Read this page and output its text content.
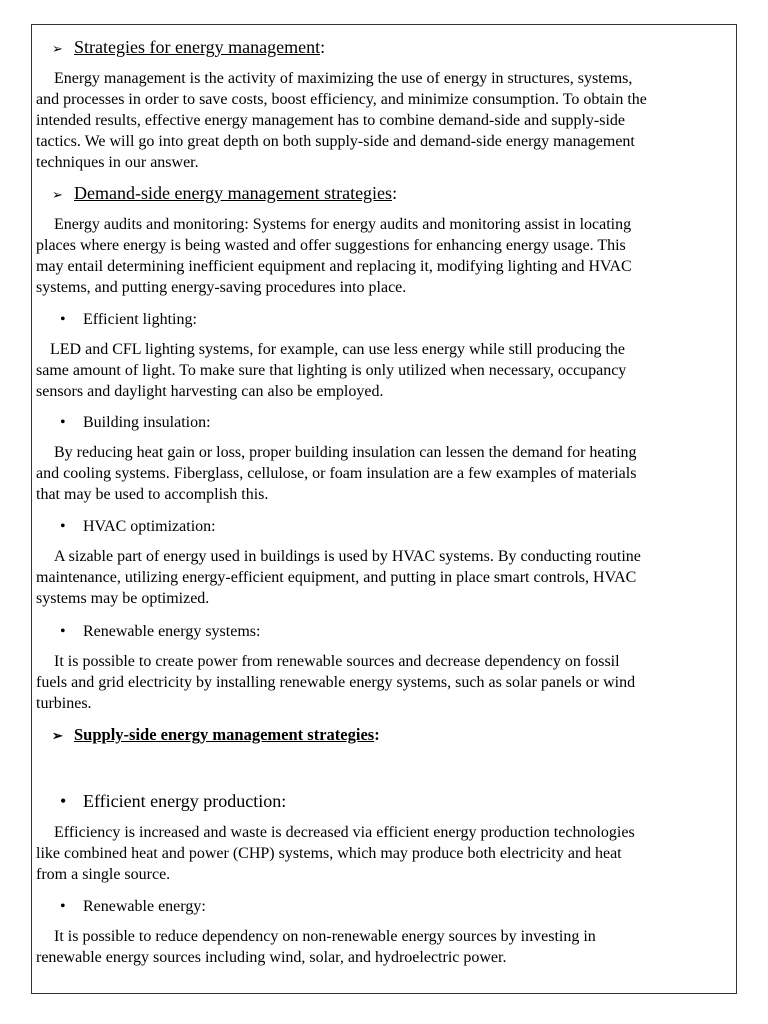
➢ Strategies for energy management:

Energy management is the activity of maximizing the use of energy in structures, systems,
and processes in order to save costs, boost efficiency, and minimize consumption. To obtain the
intended results, effective energy management has to combine demand-side and supply-side
tactics. We will go into great depth on both supply-side and demand-side energy management
techniques in our answer.

➢ Demand-side energy management strategies:

Energy audits and monitoring: Systems for energy audits and monitoring assist in locating
places where energy is being wasted and offer suggestions for enhancing energy usage. This
may entail determining inefficient equipment and replacing it, modifying lighting and HVAC
systems, and putting energy-saving procedures into place.

• Efficient lighting:

LED and CFL lighting systems, for example, can use less energy while still producing the
same amount of light. To make sure that lighting is only utilized when necessary, occupancy
sensors and daylight harvesting can also be employed.

• Building insulation:

By reducing heat gain or loss, proper building insulation can lessen the demand for heating
and cooling systems. Fiberglass, cellulose, or foam insulation are a few examples of materials
that may be used to accomplish this.

• HVAC optimization:

A sizable part of energy used in buildings is used by HVAC systems. By conducting routine
maintenance, utilizing energy-efficient equipment, and putting in place smart controls, HVAC
systems may be optimized.

• Renewable energy systems:

It is possible to create power from renewable sources and decrease dependency on fossil
fuels and grid electricity by installing renewable energy systems, such as solar panels or wind
turbines.

➢ Supply-side energy management strategies:
• Efficient energy production:

Efficiency is increased and waste is decreased via efficient energy production technologies
like combined heat and power (CHP) systems, which may produce both electricity and heat
from a single source.

• Renewable energy:

It is possible to reduce dependency on non-renewable energy sources by investing in
renewable energy sources including wind, solar, and hydroelectric power.
